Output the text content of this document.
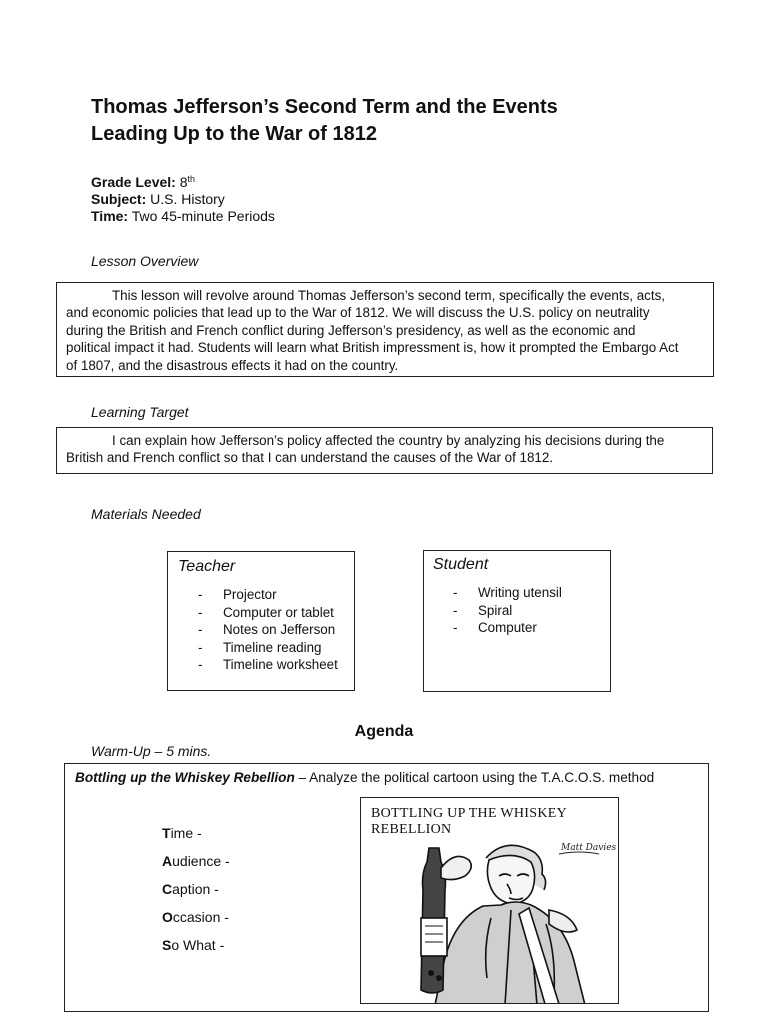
Thomas Jefferson’s Second Term and the Events
Leading Up to the War of 1812
Grade Level: 8th
Subject: U.S. History
Time: Two 45-minute Periods
Lesson Overview
This lesson will revolve around Thomas Jefferson’s second term, specifically the events, acts,
and economic policies that lead up to the War of 1812. We will discuss the U.S. policy on neutrality
during the British and French conflict during Jefferson’s presidency, as well as the economic and
political impact it had. Students will learn what British impressment is, how it prompted the Embargo Act
of 1807, and the disastrous effects it had on the country.
Learning Target
I can explain how Jefferson’s policy affected the country by analyzing his decisions during the
British and French conflict so that I can understand the causes of the War of 1812.
Materials Needed
Teacher
- Projector
- Computer or tablet
- Notes on Jefferson
- Timeline reading
- Timeline worksheet
Student
- Writing utensil
- Spiral
- Computer
Agenda
Warm-Up – 5 mins.
Bottling up the Whiskey Rebellion – Analyze the political cartoon using the T.A.C.O.S. method
Time -
Audience -
Caption -
Occasion -
So What -
BOTTLING UP THE WHISKEY REBELLION
Matt Davies
